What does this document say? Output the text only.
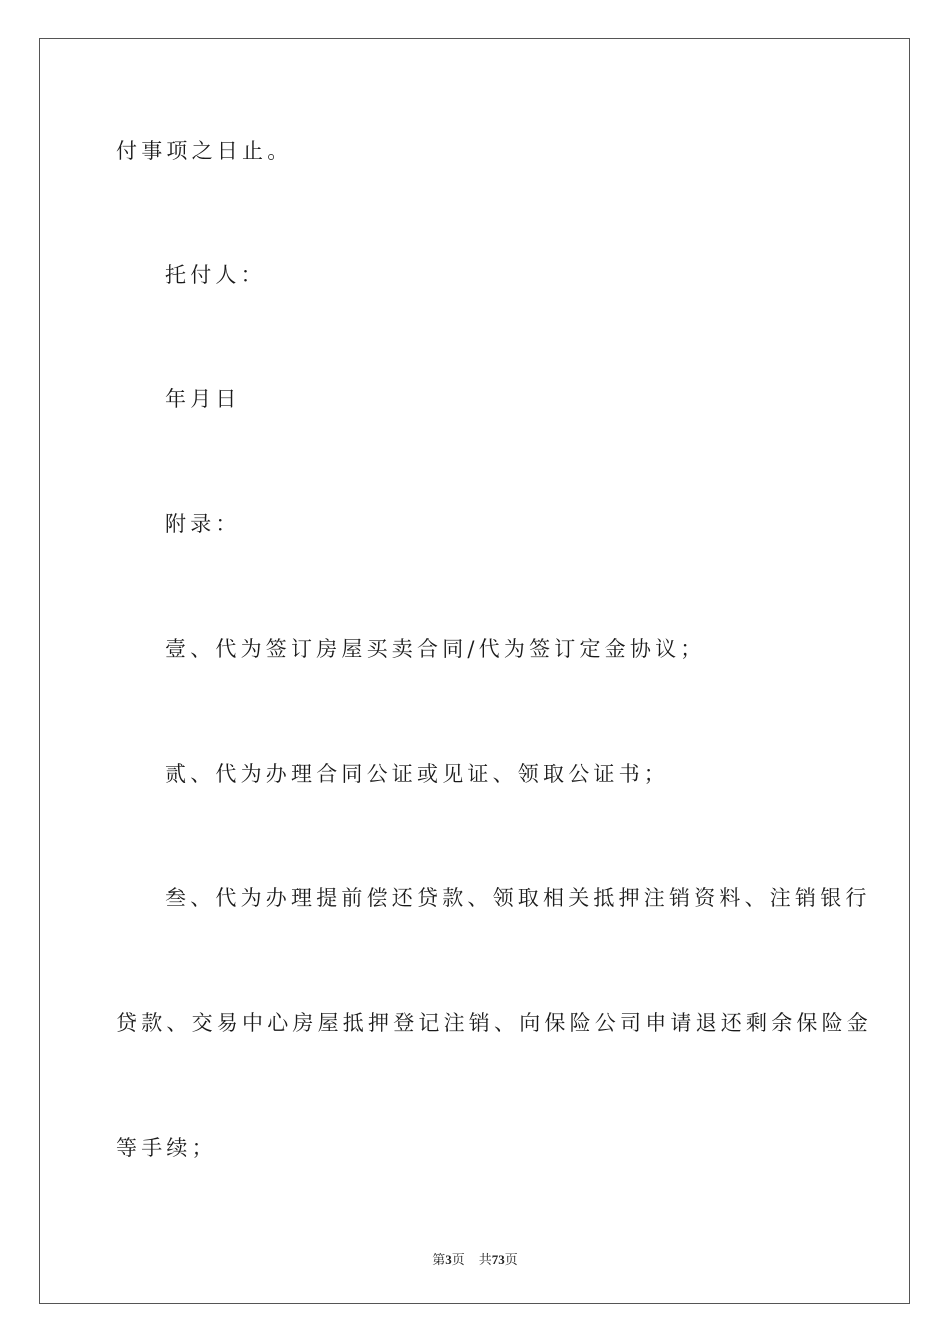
付事项之日止。
托付人：
年月日
附录：
壹、代为签订房屋买卖合同/代为签订定金协议；
贰、代为办理合同公证或见证、领取公证书；
叁、代为办理提前偿还贷款、领取相关抵押注销资料、注销银行
贷款、交易中心房屋抵押登记注销、向保险公司申请退还剩余保险金
等手续；
第3页 共73页
